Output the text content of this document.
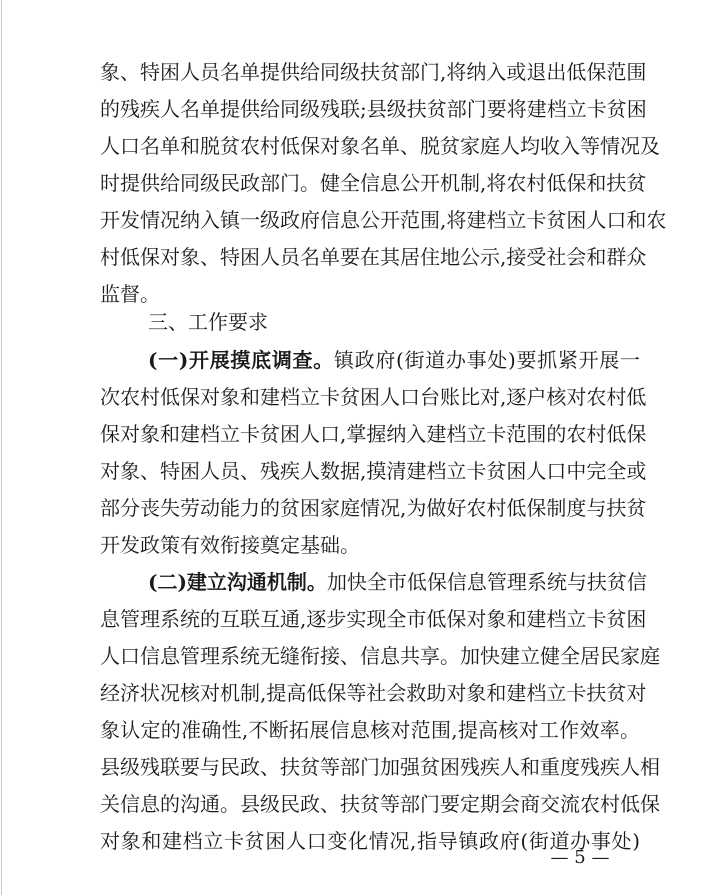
象、特困人员名单提供给同级扶贫部门,将纳入或退出低保范围
的残疾人名单提供给同级残联;县级扶贫部门要将建档立卡贫困
人口名单和脱贫农村低保对象名单、脱贫家庭人均收入等情况及
时提供给同级民政部门。健全信息公开机制,将农村低保和扶贫
开发情况纳入镇一级政府信息公开范围,将建档立卡贫困人口和农
村低保对象、特困人员名单要在其居住地公示,接受社会和群众
监督。
三、工作要求
(一)开展摸底调查。镇政府(街道办事处)要抓紧开展一
次农村低保对象和建档立卡贫困人口台账比对,逐户核对农村低
保对象和建档立卡贫困人口,掌握纳入建档立卡范围的农村低保
对象、特困人员、残疾人数据,摸清建档立卡贫困人口中完全或
部分丧失劳动能力的贫困家庭情况,为做好农村低保制度与扶贫
开发政策有效衔接奠定基础。
(二)建立沟通机制。加快全市低保信息管理系统与扶贫信
息管理系统的互联互通,逐步实现全市低保对象和建档立卡贫困
人口信息管理系统无缝衔接、信息共享。加快建立健全居民家庭
经济状况核对机制,提高低保等社会救助对象和建档立卡扶贫对
象认定的准确性,不断拓展信息核对范围,提高核对工作效率。
县级残联要与民政、扶贫等部门加强贫困残疾人和重度残疾人相
关信息的沟通。县级民政、扶贫等部门要定期会商交流农村低保
对象和建档立卡贫困人口变化情况,指导镇政府(街道办事处)
— 5 —
